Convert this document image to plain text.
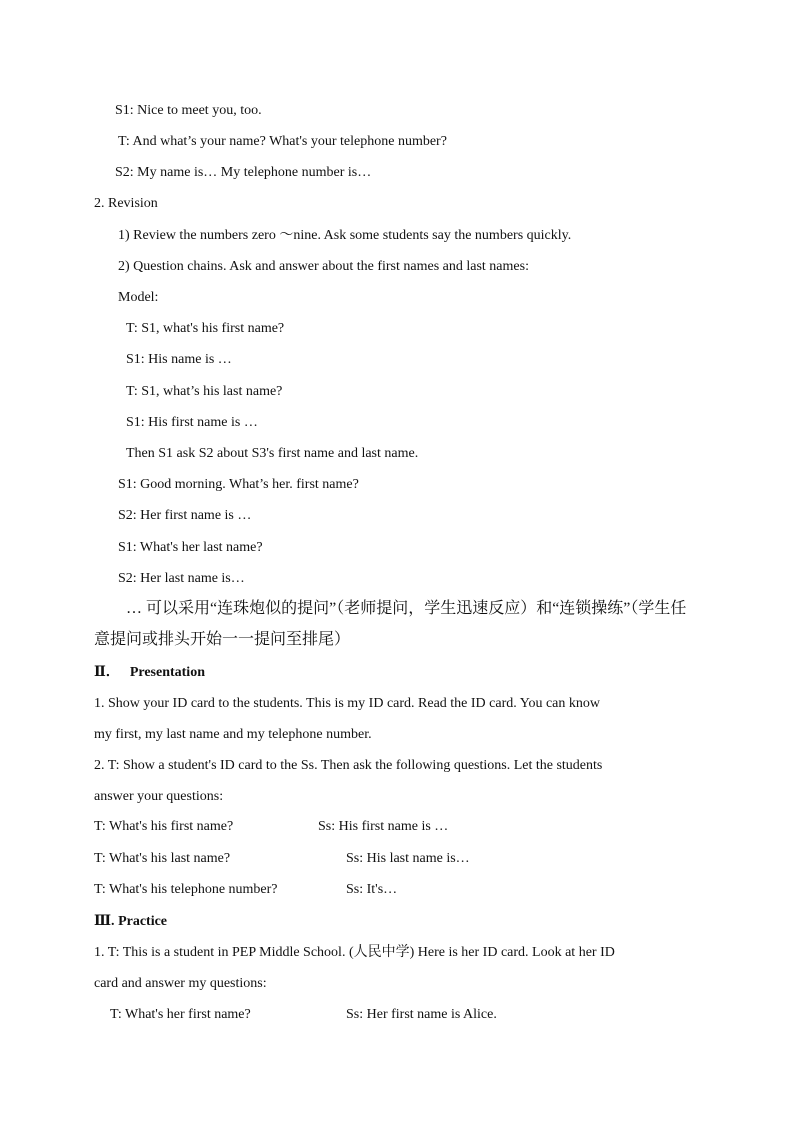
S1: Nice to meet you, too.

T: And what’s your name? What's your telephone number?

S2: My name is… My telephone number is…

2. Revision

1) Review the numbers zero ～nine. Ask some students say the numbers quickly.

2) Question chains. Ask and answer about the first names and last names:

Model:

T: S1, what's his first name?

S1: His name is …

T: S1, what’s his last name?

S1: His first name is …

Then S1 ask S2 about S3's first name and last name.

S1: Good morning. What’s her. first name?

S2: Her first name is …

S1: What's her last name?

S2: Her last name is…

… 可以采用“连珠炮似的提问”（老师提问，学生迅速反应）和“连锁操练”（学生任

意提问或排头开始一一提问至排尾）

Ⅱ． Presentation

1. Show your ID card to the students. This is my ID card. Read the ID card. You can know

my first, my last name and my telephone number.

2. T: Show a student's ID card to the Ss. Then ask the following questions. Let the students

answer your questions:

T: What's his first name?	Ss: His first name is …
T: What's his last name?	Ss: His last name is…
T: What's his telephone number?	Ss: It's…
Ⅲ. Practice

1. T: This is a student in PEP Middle School. (人民中学) Here is her ID card. Look at her ID

card and answer my questions:

T: What's her first name?	Ss: Her first name is Alice.
